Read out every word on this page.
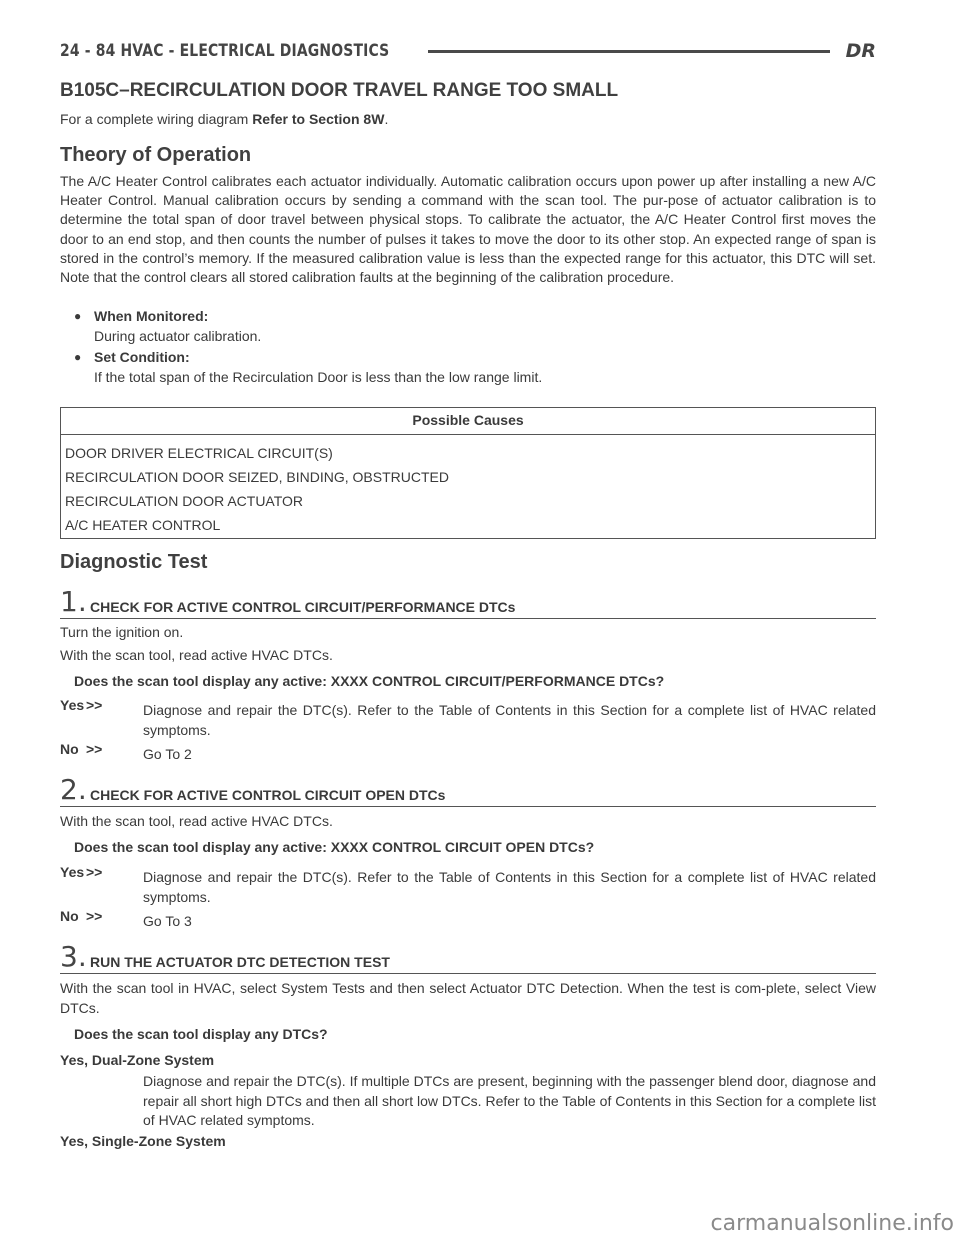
24 - 84 HVAC - ELECTRICAL DIAGNOSTICS	DR
B105C–RECIRCULATION DOOR TRAVEL RANGE TOO SMALL
For a complete wiring diagram Refer to Section 8W.
Theory of Operation
The A/C Heater Control calibrates each actuator individually. Automatic calibration occurs upon power up after installing a new A/C Heater Control. Manual calibration occurs by sending a command with the scan tool. The pur-pose of actuator calibration is to determine the total span of door travel between physical stops. To calibrate the actuator, the A/C Heater Control first moves the door to an end stop, and then counts the number of pulses it takes to move the door to its other stop. An expected range of span is stored in the control’s memory. If the measured calibration value is less than the expected range for this actuator, this DTC will set. Note that the control clears all stored calibration faults at the beginning of the calibration procedure.
● When Monitored:
During actuator calibration.
● Set Condition:
If the total span of the Recirculation Door is less than the low range limit.
Possible Causes
DOOR DRIVER ELECTRICAL CIRCUIT(S)
RECIRCULATION DOOR SEIZED, BINDING, OBSTRUCTED
RECIRCULATION DOOR ACTUATOR
A/C HEATER CONTROL
Diagnostic Test
1. CHECK FOR ACTIVE CONTROL CIRCUIT/PERFORMANCE DTCs
Turn the ignition on.
With the scan tool, read active HVAC DTCs.
Does the scan tool display any active: XXXX CONTROL CIRCUIT/PERFORMANCE DTCs?
Yes >>	Diagnose and repair the DTC(s). Refer to the Table of Contents in this Section for a complete list of HVAC related symptoms.
No >>	Go To 2
2. CHECK FOR ACTIVE CONTROL CIRCUIT OPEN DTCs
With the scan tool, read active HVAC DTCs.
Does the scan tool display any active: XXXX CONTROL CIRCUIT OPEN DTCs?
Yes >>	Diagnose and repair the DTC(s). Refer to the Table of Contents in this Section for a complete list of HVAC related symptoms.
No >>	Go To 3
3. RUN THE ACTUATOR DTC DETECTION TEST
With the scan tool in HVAC, select System Tests and then select Actuator DTC Detection. When the test is com-plete, select View DTCs.
Does the scan tool display any DTCs?
Yes, Dual-Zone System
Diagnose and repair the DTC(s). If multiple DTCs are present, beginning with the passenger blend door, diagnose and repair all short high DTCs and then all short low DTCs. Refer to the Table of Contents in this Section for a complete list of HVAC related symptoms.
Yes, Single-Zone System
carmanualsonline.info
